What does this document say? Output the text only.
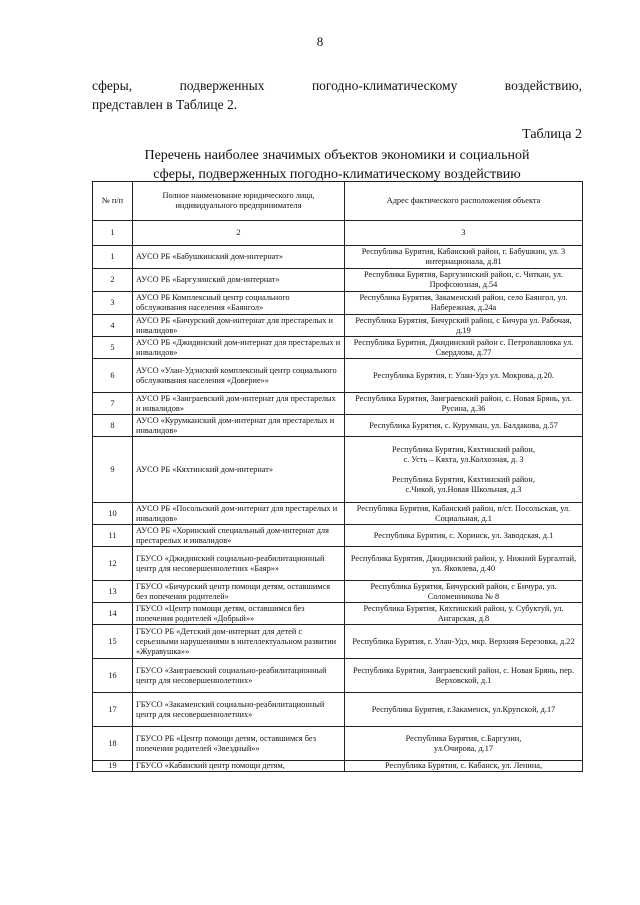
8
сферы,	подверженных	погодно-климатическому	воздействию,
представлен в Таблице 2.
Таблица 2
Перечень наиболее значимых объектов экономики и социальной
сферы, подверженных погодно-климатическому воздействию
№ п/п	Полное наименование юридического лица, индивидуального предпринимателя	Адрес фактического расположения объекта
1	2	3
1	АУСО РБ «Бабушкинский дом-интернат»	Республика Бурятия, Кабанский район, г. Бабушкин, ул. 3 интернационала, д.81

2	АУСО РБ «Баргузинский дом-интернат»	Республика Бурятия, Баргузинский район, с. Читкан, ул. Профсоюзная, д.54

3	АУСО РБ Комплексный центр социального обслуживания населения «Баянгол»	Республика Бурятия, Закаменский район, село Баянгол, ул. Набережная, д.24а

4	АУСО РБ «Бичурский дом-интернат для престарелых и инвалидов»	Республика Бурятия, Бичурский район, с Бичура ул. Рабочая, д.19

5	АУСО РБ «Джидинский дом-интернат для престарелых и инвалидов»	Республика Бурятия, Джидинский район с. Петропавловка ул. Свердлова, д.77

6	АУСО «Улан-Удэнский комплексный центр социального обслуживания населения «Доверие»»	Республика Бурятия, г. Улан-Удэ ул. Мокрова, д.20.

7	АУСО РБ «Заиграевский дом-интернат для престарелых и инвалидов»	Республика Бурятия, Заиграевский район, с. Новая Брянь, ул. Русина, д.36

8	АУСО «Курумканский дом-интернат для престарелых и инвалидов»	Республика Бурятия, с. Курумкан, ул. Балдакова, д.57

9	АУСО РБ «Кяхтинский дом-интернат»	Республика Бурятия, Кяхтинский район,
с. Усть – Кяхта, ул.Колхозная, д. 3
Республика Бурятия, Кяхтинский район,
с.Чикой, ул.Новая Школьная, д.3

10	АУСО РБ «Посольский дом-интернат для престарелых и инвалидов»	Республика Бурятия, Кабанский район, п/ст. Посольская, ул. Социальная, д.1

11	АУСО РБ «Хоринский специальный дом-интернат для престарелых и инвалидов»	Республика Бурятия, с. Хоринск, ул. Заводская, д.1

12	ГБУСО «Джидинский социально-реабилитационный центр для несовершеннолетних «Баяр»»	Республика Бурятия, Джидинский район, у. Нижний Бургалтай, ул. Яковлева, д.40

13	ГБУСО «Бичурский центр помощи детям, оставшимся без попечения родителей»	Республика Бурятия, Бичурский район, с Бичура, ул. Соломенникова № 8

14	ГБУСО «Центр помощи детям, оставшимся без попечения родителей «Добрый»»	Республика Бурятия, Кяхтинский район, у. Субуктуй, ул. Ангарская, д.8

15	ГБУСО РБ «Детский дом-интернат для детей с серьезными нарушениями в интеллектуальном развитии «Журавушка»»	Республика Бурятия, г. Улан-Удэ, мкр. Верхняя Березовка, д.22

16	ГБУСО «Заиграевский социально-реабилитационный центр для несовершеннолетних»	Республика Бурятия, Заиграевский район, с. Новая Брянь, пер. Верховской, д.1

17	ГБУСО «Закаменский социально-реабилитационный центр для несовершеннолетних»	Республика Бурятия, г.Закаменск, ул.Крупской, д.17

18	ГБУСО РБ «Центр помощи детям, оставшимся без попечения родителей «Звездный»»	Республика Бурятия, с.Баргузин,
ул.Очирова, д.17

19	ГБУСО «Кабанский центр помощи детям,	Республика Бурятия, с. Кабанск, ул. Ленина,
